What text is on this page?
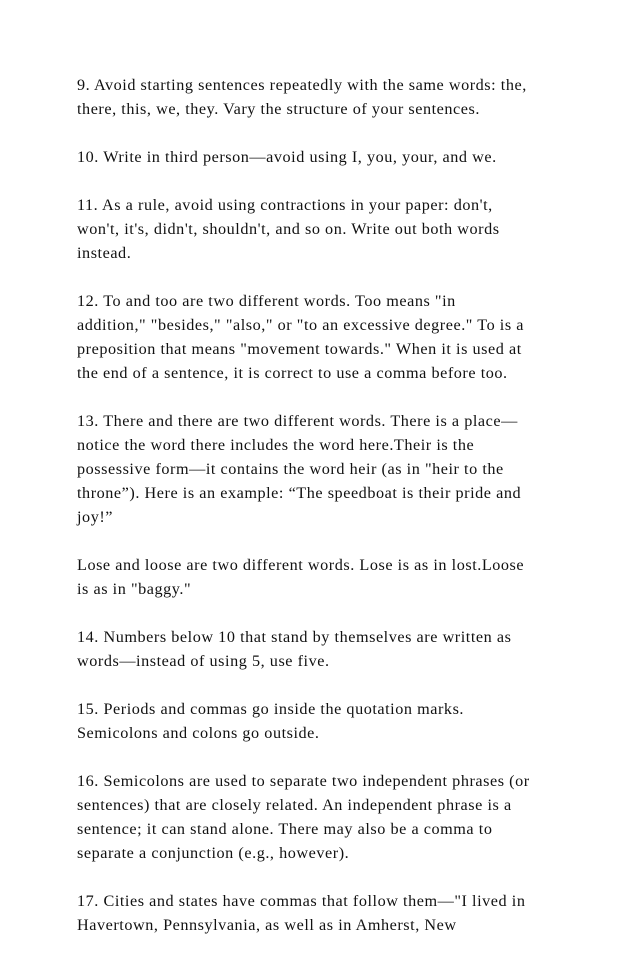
9. Avoid starting sentences repeatedly with the same words: the,
there, this, we, they. Vary the structure of your sentences.

10. Write in third person—avoid using I, you, your, and we.

11. As a rule, avoid using contractions in your paper: don't,
won't, it's, didn't, shouldn't, and so on. Write out both words
instead.

12. To and too are two different words. Too means "in
addition," "besides," "also," or "to an excessive degree." To is a
preposition that means "movement towards." When it is used at
the end of a sentence, it is correct to use a comma before too.

13. There and there are two different words. There is a place—
notice the word there includes the word here.Their is the
possessive form—it contains the word heir (as in "heir to the
throne”). Here is an example: “The speedboat is their pride and
joy!”

Lose and loose are two different words. Lose is as in lost.Loose
is as in "baggy."

14. Numbers below 10 that stand by themselves are written as
words—instead of using 5, use five.

15. Periods and commas go inside the quotation marks.
Semicolons and colons go outside.

16. Semicolons are used to separate two independent phrases (or
sentences) that are closely related. An independent phrase is a
sentence; it can stand alone. There may also be a comma to
separate a conjunction (e.g., however).

17. Cities and states have commas that follow them—"I lived in
Havertown, Pennsylvania, as well as in Amherst, New
